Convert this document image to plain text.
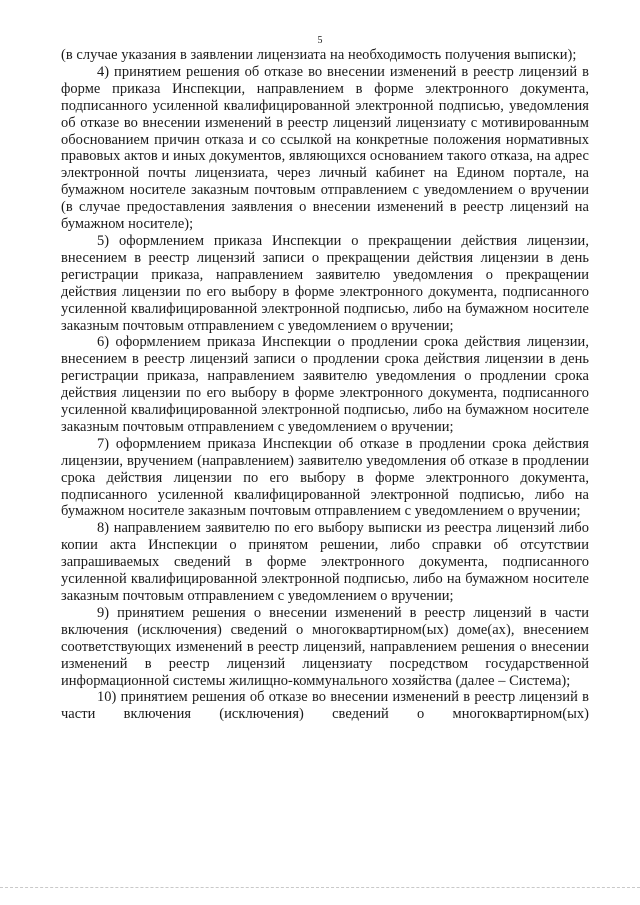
5

(в случае указания в заявлении лицензиата на необходимость получения выписки);

4) принятием решения об отказе во внесении изменений в реестр лицензий в форме приказа Инспекции, направлением в форме электронного документа, подписанного усиленной квалифицированной электронной подписью, уведомления об отказе во внесении изменений в реестр лицензий лицензиату с мотивированным обоснованием причин отказа и со ссылкой на конкретные положения нормативных правовых актов и иных документов, являющихся основанием такого отказа, на адрес электронной почты лицензиата, через личный кабинет на Едином портале, на бумажном носителе заказным почтовым отправлением с уведомлением о вручении (в случае предоставления заявления о внесении изменений в реестр лицензий на бумажном носителе);

5) оформлением приказа Инспекции о прекращении действия лицензии, внесением в реестр лицензий записи о прекращении действия лицензии в день регистрации приказа, направлением заявителю уведомления о прекращении действия лицензии по его выбору в форме электронного документа, подписанного усиленной квалифицированной электронной подписью, либо на бумажном носителе заказным почтовым отправлением с уведомлением о вручении;

6) оформлением приказа Инспекции о продлении срока действия лицензии, внесением в реестр лицензий записи о продлении срока действия лицензии в день регистрации приказа, направлением заявителю уведомления о продлении срока действия лицензии по его выбору в форме электронного документа, подписанного усиленной квалифицированной электронной подписью, либо на бумажном носителе заказным почтовым отправлением с уведомлением о вручении;

7) оформлением приказа Инспекции об отказе в продлении срока действия лицензии, вручением (направлением) заявителю уведомления об отказе в продлении срока действия лицензии по его выбору в форме электронного документа, подписанного усиленной квалифицированной электронной подписью, либо на бумажном носителе заказным почтовым отправлением с уведомлением о вручении;

8) направлением заявителю по его выбору выписки из реестра лицензий либо копии акта Инспекции о принятом решении, либо справки об отсутствии запрашиваемых сведений в форме электронного документа, подписанного усиленной квалифицированной электронной подписью, либо на бумажном носителе заказным почтовым отправлением с уведомлением о вручении;

9) принятием решения о внесении изменений в реестр лицензий в части включения (исключения) сведений о многоквартирном(ых) доме(ах), внесением соответствующих изменений в реестр лицензий, направлением решения о внесении изменений в реестр лицензий лицензиату посредством государственной информационной системы жилищно-коммунального хозяйства (далее – Система);

10) принятием решения об отказе во внесении изменений в реестр лицензий в части включения (исключения) сведений о многоквартирном(ых)
